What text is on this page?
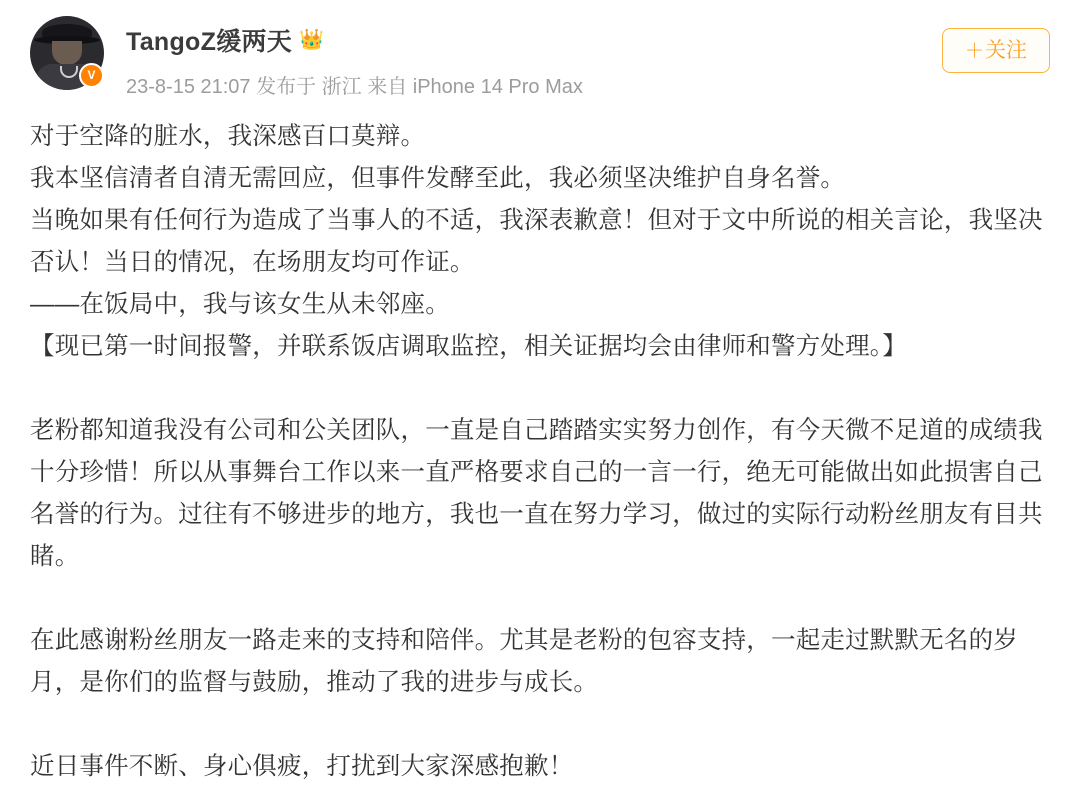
V
TangoZ缓两天 👑
23-8-15 21:07 发布于 浙江 来自 iPhone 14 Pro Max
＋关注

对于空降的脏水，我深感百口莫辩。

我本坚信清者自清无需回应，但事件发酵至此，我必须坚决维护自身名誉。

当晚如果有任何行为造成了当事人的不适，我深表歉意！但对于文中所说的相关言论，我坚决否认！当日的情况，在场朋友均可作证。

——在饭局中，我与该女生从未邻座。

【现已第一时间报警，并联系饭店调取监控，相关证据均会由律师和警方处理。】

老粉都知道我没有公司和公关团队，一直是自己踏踏实实努力创作，有今天微不足道的成绩我十分珍惜！所以从事舞台工作以来一直严格要求自己的一言一行，绝无可能做出如此损害自己名誉的行为。过往有不够进步的地方，我也一直在努力学习，做过的实际行动粉丝朋友有目共睹。

在此感谢粉丝朋友一路走来的支持和陪伴。尤其是老粉的包容支持，一起走过默默无名的岁月，是你们的监督与鼓励，推动了我的进步与成长。

近日事件不断、身心俱疲，打扰到大家深感抱歉！
